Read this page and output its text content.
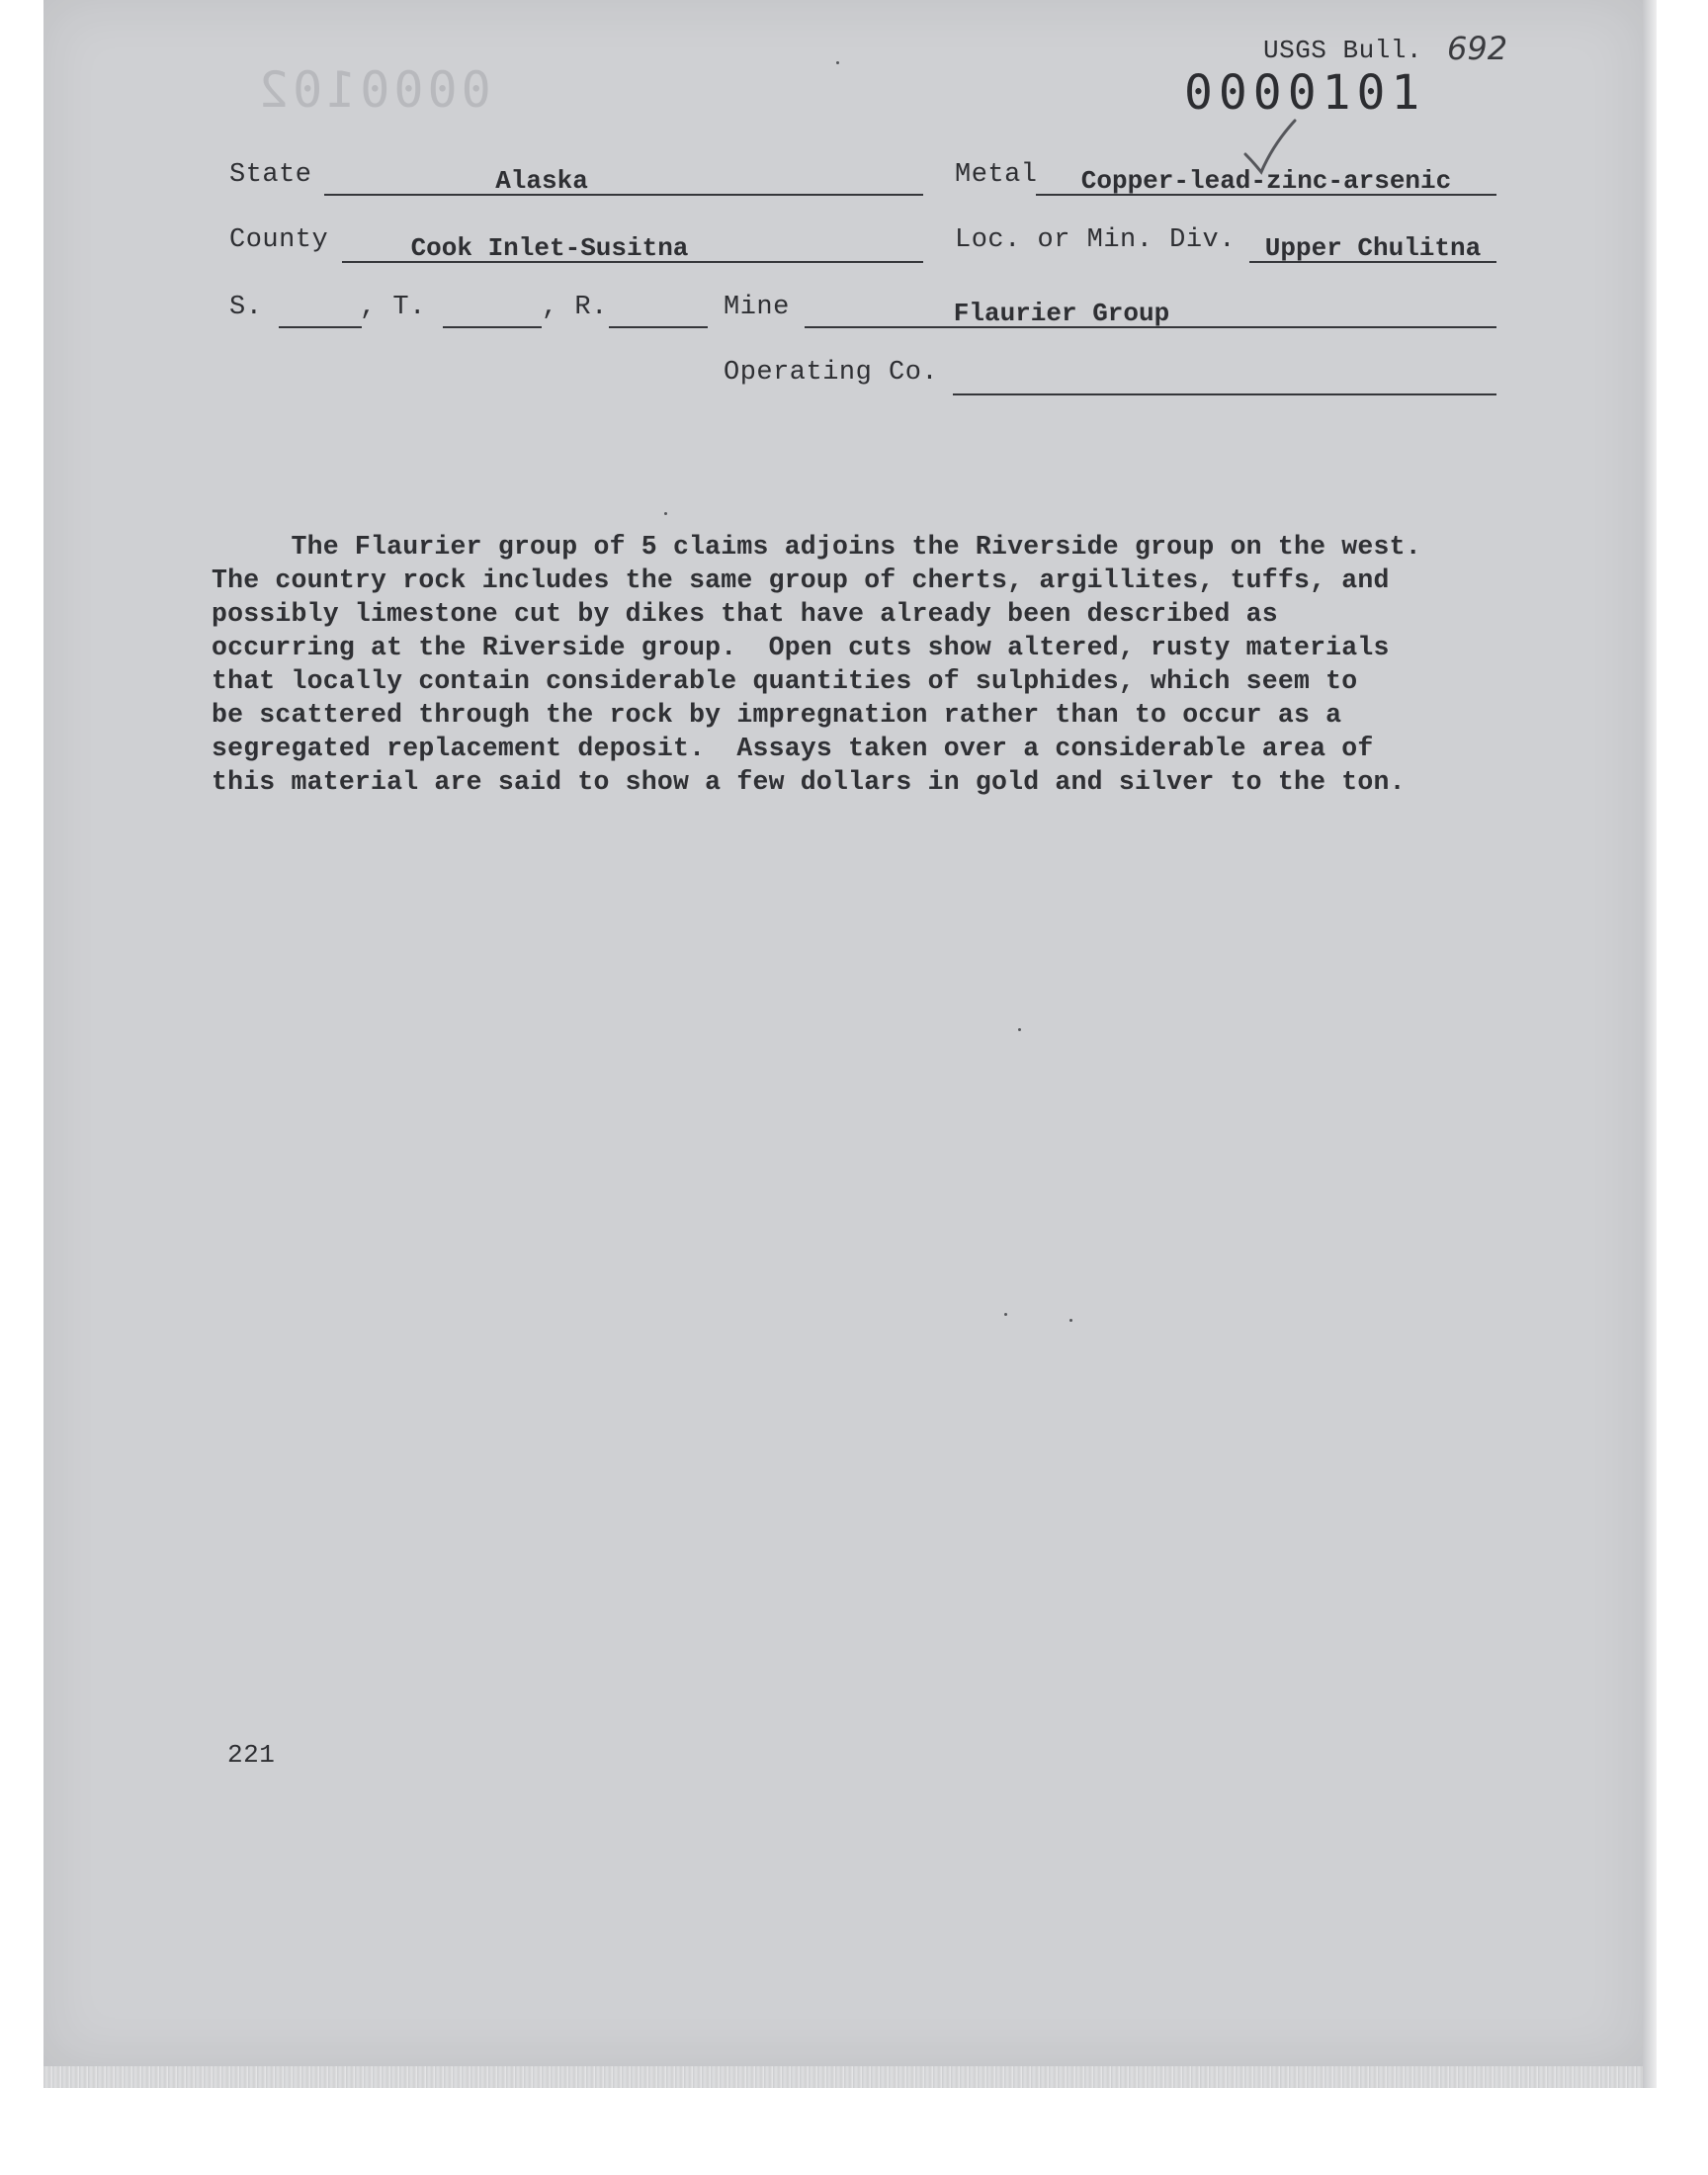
0000102
USGS Bull. 692
0000101
State	Alaska	Metal	Copper-lead-zinc-arsenic
County	Cook Inlet-Susitna	Loc. or Min. Div.	Upper Chulitna
S.	, T.	, R.	Mine	Flaurier Group
Operating Co.
The Flaurier group of 5 claims adjoins the Riverside group on the west.
The country rock includes the same group of cherts, argillites, tuffs, and
possibly limestone cut by dikes that have already been described as
occurring at the Riverside group.  Open cuts show altered, rusty materials
that locally contain considerable quantities of sulphides, which seem to
be scattered through the rock by impregnation rather than to occur as a
segregated replacement deposit.  Assays taken over a considerable area of
this material are said to show a few dollars in gold and silver to the ton.
221
